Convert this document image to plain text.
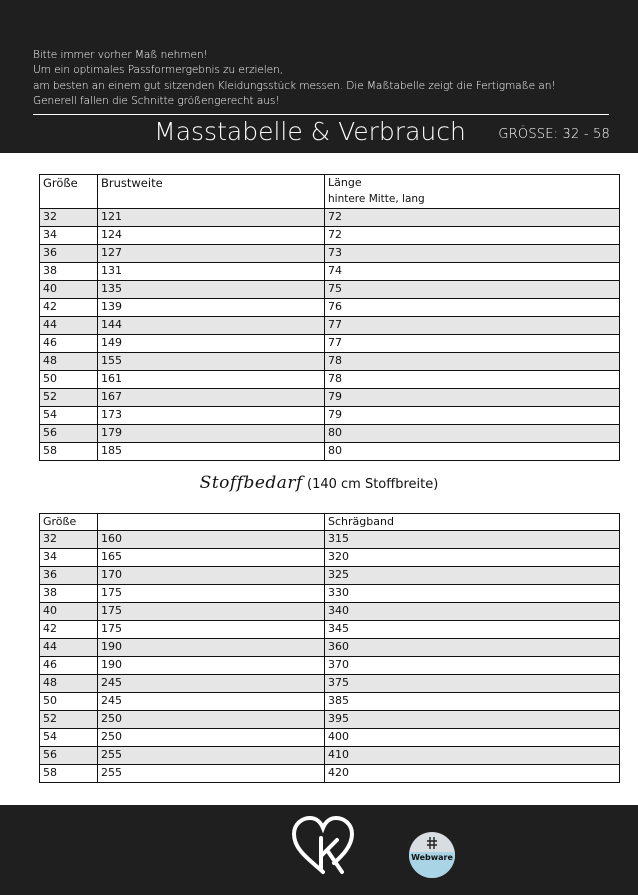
Bitte immer vorher Maß nehmen!
Um ein optimales Passformergebnis zu erzielen,
am besten an einem gut sitzenden Kleidungsstück messen. Die Maßtabelle zeigt die Fertigmaße an!
Generell fallen die Schnitte größengerecht aus!
Masstabelle & Verbrauch	GRÖSSE: 32 - 58
Größe	Brustweite	Länge
hintere Mitte, lang

32	121	72
34	124	72
36	127	73
38	131	74
40	135	75
42	139	76
44	144	77
46	149	77
48	155	78
50	161	78
52	167	79
54	173	79
56	179	80
58	185	80
Stoffbedarf (140 cm Stoffbreite)
Größe		Schrägband
32	160	315
34	165	320
36	170	325
38	175	330
40	175	340
42	175	345
44	190	360
46	190	370
48	245	375
50	245	385
52	250	395
54	250	400
56	255	410
58	255	420
Webware
